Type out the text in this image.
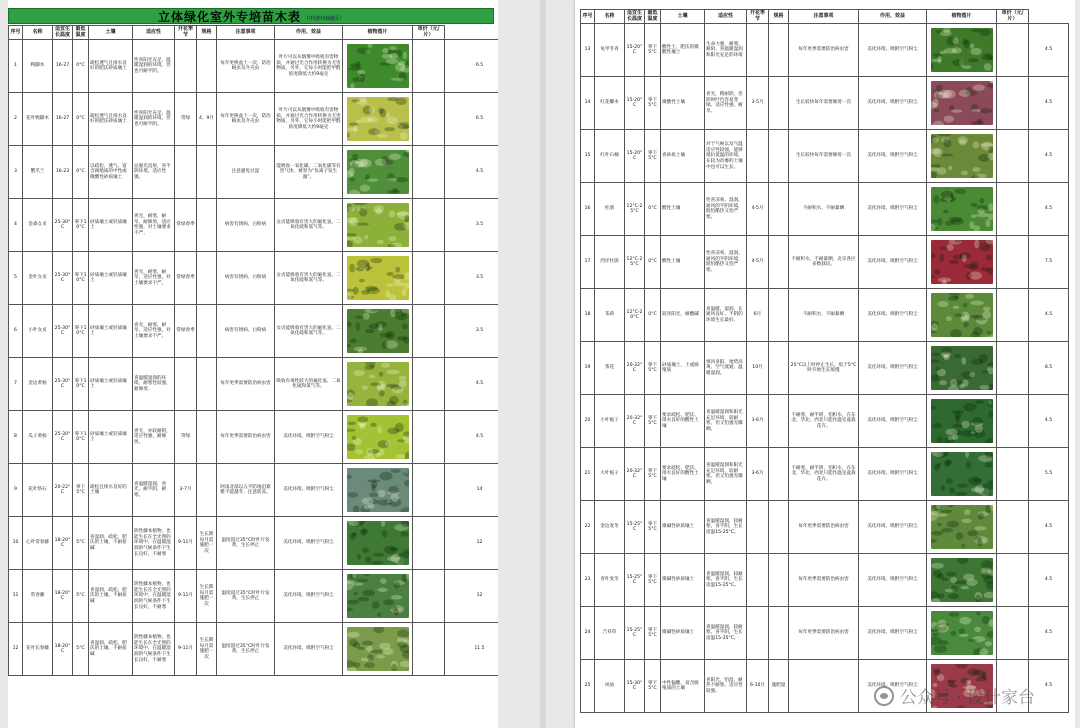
立体绿化室外专培苗木表 （中国中南地区）
序号	名称	适宜生长温度	最低温度	土壤	适应性	开花季节	规格	注意事项	作用、效益	植物图片	单价（元/片）	
1	鸭脚木	16-27	0°C	疏松透气且排水良好的肥沃砂质壤土	性喜阳光充足，温暖湿润的环境，但也可耐半阴。			每年更换盆土一次，防治蚜虫及介壳虫	叶片可以从烟雾中吸收有害物质，并通过光合作用转换为无害物质，另外，它每小时能把甲醛浓度降低大约9毫克			6.5
2	花叶鸭脚木	16-27	0°C	疏松透气且排水良好的肥沃砂质壤土	性喜阳光充足，温暖湿润的环境，但也可耐半阴。	常绿	4、9月	每年更换盆土一次，防治蚜虫及介壳虫	叶片可以从烟雾中吸收有害物质，并通过光合作用转换为无害物质，另外，它每小时能把甲醛浓度降低大约9毫克			6.5
3	蟹爪兰	16-23	0°C	以疏松、透气、富含腐殖质的中性或微酸性砂质壤土	忌强光直射，喜半阴环境，适应性强。			注意避免过湿	能吸收一氧化碳、二氧化碳等有害气体，被誉为“负离子发生器”。			4.5
4	金森女贞	25-30°C	零下10°C	砂质壤土或轻质壤土	喜光，耐寒，耐旱，耐修剪，适应性强，对土壤要求不严。	常绿春季		病害有锈病、白粉病	女贞能吸收有害大的氟化氢、二氧化硫和氯气等。			3.5
5	金叶女贞	25-30°C	零下10°C	砂质壤土或轻质壤土	喜光，耐寒，耐旱，适应性强，对土壤要求不严。	常绿春季		病害有锈病、白粉病	女贞能吸收有害大的氟化氢、二氧化硫和氯气等。			3.5
6	小叶女贞	25-30°C	零下10°C	砂质壤土或轻质壤土	喜光，耐寒，耐旱，适应性强，对土壤要求不严。	常绿春季		病害有锈病、白粉病	女贞能吸收有害大的氟化氢、二氧化硫和氯气等。			3.5
7	金边黄杨	25-30°C	零下10°C	砂质壤土或轻质壤土	喜温暖湿润的环境，耐寒性较强，耐修剪。			每年更季需要防治病虫害	吸收有毒性较大的氟化氢、二氧化硫和氯气等。			4.5
8	瓜子黄杨	25-30°C	零下10°C	砂质壤土或轻质壤土	喜光，亦较耐阴，适应性强，耐修剪。	常绿		每年更季需要防治病虫害	美化环境、吸附空气粉尘			4.5
9	花叶络石	20-22°C	零下5°C	疏松且排水良好的土壤	喜温暖湿润，喜光，耐半阴，耐寒。	3-7月		阿南北部以五平防地沿寨雅不能越冬，注意防冻。	美化环境、吸附空气粉尘			14
10	心叶常春藤	18-20°C	5°C	喜湿润、疏松、肥沃的土壤，不耐盐碱	阴性藤本植物，也能生长在全光照的环境中，在温暖湿润的气候条件下生长良好，不耐寒	9-11月	生长期每月需施肥一次	温度超过35°C时叶片发黄，生长停止	美化环境、吸附空气粉尘			12
11	常春藤	18-20°C	5°C	喜湿润、疏松、肥沃的土壤，不耐盐碱	阴性藤本植物，也能生长在全光照的环境中，在温暖湿润的气候条件下生长良好，不耐寒	9-11月	生长期每月需施肥一次	温度超过35°C时叶片发黄，生长停止	美化环境、吸附空气粉尘			12
12	花叶长春藤	18-20°C	5°C	喜湿润、疏松、肥沃的土壤，不耐盐碱	阴性藤本植物，也能生长在全光照的环境中，在温暖湿润的气候条件下生长良好，不耐寒	9-11月	生长期每月需施肥一次	温度超过35°C时叶片发黄，生长停止	美化环境、吸附空气粉尘			11.5
序号	名称	适宜生长温度	最低温度	土壤	适应性	开花季节	规格	注意事项	作用、效益	植物图片	单价（元/片）	
13	龟甲冬青	15-20°C	零下5°C	酸性土，肥沃的微酸性壤土	生命力强，耐寒、耐阴、喜温暖湿润和阳光充足的环境			每年更季需要防治病虫害	美化环境、吸附空气粉尘			4.5
14	红花檵木	15-20°C	零下5°C	微酸性土壤	喜光，稍耐阴，但阴时叶色容易变绿。适应性强，耐旱。	3-5月		生长较快每年需要修剪一次	美化环境、吸附空气粉尘			4.5
15	红叶石楠	15-20°C	零下5°C	喜砂质土壤	对于气候以及气温适应性较强，能够抵抗低温的环境，在较为贫瘠的土壤中也可以生长。			生长较快每年需要修剪一次	美化环境、吸附空气粉尘			4.5
16	杜鹃	12°C-25°C	0°C	酸性土壤	性喜凉爽、湿润、通风的半阴环境，既怕酷热又怕严寒。	4-5月		不耐积水，不耐暴晒	美化环境、吸附空气粉尘			4.5
17	西洋杜鹃	12°C-25°C	0°C	酸性土壤	性喜凉爽、湿润、通风的半阴环境，既怕酷热又怕严寒。	4-5月		不耐积水，不耐暴晒，北京各区多数栽培。	美化环境、吸附空气粉尘			7.5
18	茉莉	12°C-20°C	0°C	较喜阳光，耐酸碱	喜温暖、湿润，在通风良好、半阴的环境生长最好。	6月		不耐积水，不耐暴晒	美化环境、吸附空气粉尘			4.5
19	茶花	20-32°C	零下5°C	砂质壤土，土或腐殖质	惧风喜阳，地势高爽、空气流通、温暖湿润。	10月		25°C以上时停止生长，低于5°C时开始生长缓慢	美化环境、吸附空气粉尘			8.5
20	小叶栀子	20-32°C	零下5°C	要求疏松、肥沃、排水良好的酸性土壤	喜温暖湿润和阳光充足环境，较耐寒，但又怕强光曝晒。	3-6月		不耐寒，耐半阴，怕积水，在东北、华北、西北只能作温室盆栽花卉。	美化环境、吸附空气粉尘			4.5
21	大叶栀子	20-32°C	零下5°C	要求疏松、肥沃、排水良好的酸性土壤	喜温暖湿润和阳光充足环境，较耐寒，但又怕强光曝晒。	3-6月		不耐寒，耐半阴，怕积水，在东北、华北、西北只能作温室盆栽花卉。	美化环境、吸附空气粉尘			5.5
22	金边麦冬	15-25°C	零下5°C	微碱性砂质壤土	喜温暖湿润，较耐寒，喜半阴，生长适温15-25°C。			每年更季需要防治病虫害	美化环境、吸附空气粉尘			4.5
23	青叶麦冬	15-25°C	零下5°C	微碱性砂质壤土	喜温暖湿润，较耐寒，喜半阴，生长适温15-25°C。			每年更季需要防治病虫害	美化环境、吸附空气粉尘			4.5
24	吉祥草	15-25°C	零下5°C	微碱性砂质壤土	喜温暖湿润，较耐寒，喜半阴，生长适温15-25°C。			每年更季需要防治病虫害	美化环境、吸附空气粉尘			4.5
25	凤仙	15-30°C	零下5°C	中性偏酸、富含腐殖质的土壤	喜阳光，怕湿，耐热不耐寒，适应性较强。	6-10月	施肥量		美化环境、吸附空气粉尘			4.5
公众号 · 设计家台
